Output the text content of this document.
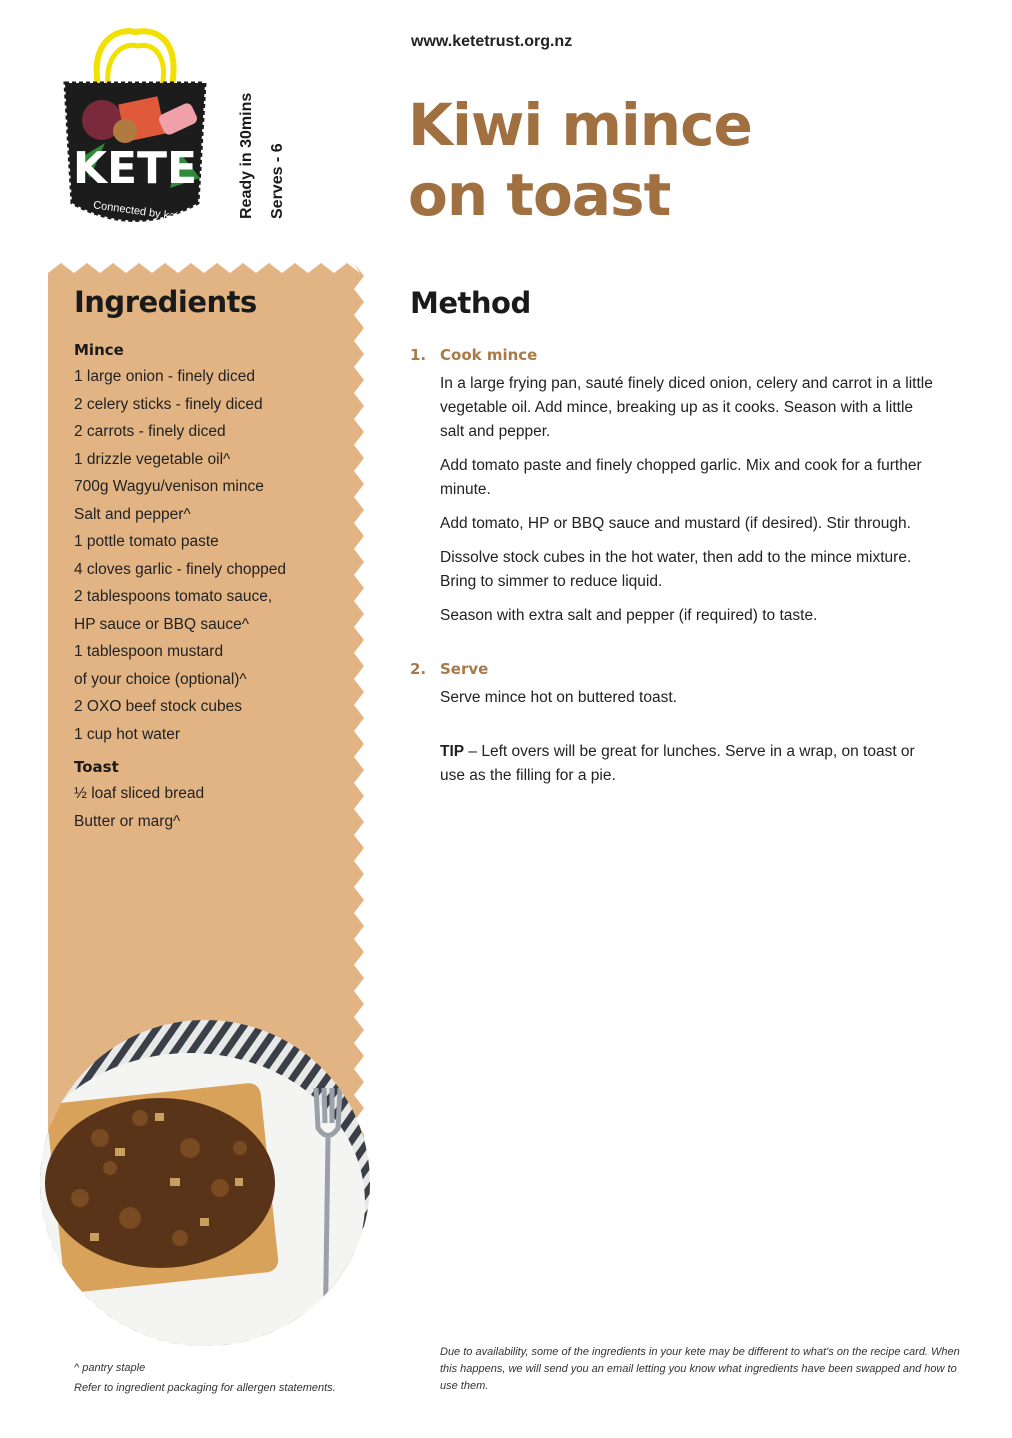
KETE
Connected by kai	Ready in 30mins Serves - 6
www.ketetrust.org.nz
Kiwi mince
on toast
Ingredients
Mince
1 large onion - finely diced
2 celery sticks - finely diced
2 carrots - finely diced
1 drizzle vegetable oil^
700g Wagyu/venison mince
Salt and pepper^
1 pottle tomato paste
4 cloves garlic - finely chopped
2 tablespoons tomato sauce,
HP sauce or BBQ sauce^
1 tablespoon mustard
of your choice (optional)^
2 OXO beef stock cubes
1 cup hot water
Toast
½ loaf sliced bread
Butter or marg^
Method
1. Cook mince

In a large frying pan, sauté finely diced onion, celery and carrot in a little vegetable oil. Add mince, breaking up as it cooks. Season with a little salt and pepper.

Add tomato paste and finely chopped garlic. Mix and cook for a further minute.

Add tomato, HP or BBQ sauce and mustard (if desired). Stir through.

Dissolve stock cubes in the hot water, then add to the mince mixture. Bring to simmer to reduce liquid.

Season with extra salt and pepper (if required) to taste.

2. Serve

Serve mince hot on buttered toast.

TIP – Left overs will be great for lunches. Serve in a wrap, on toast or use as the filling for a pie.

^ pantry staple
Refer to ingredient packaging for allergen statements.
Due to availability, some of the ingredients in your kete may be different to what's on the recipe card. When this happens, we will send you an email letting you know what ingredients have been swapped and how to use them.
